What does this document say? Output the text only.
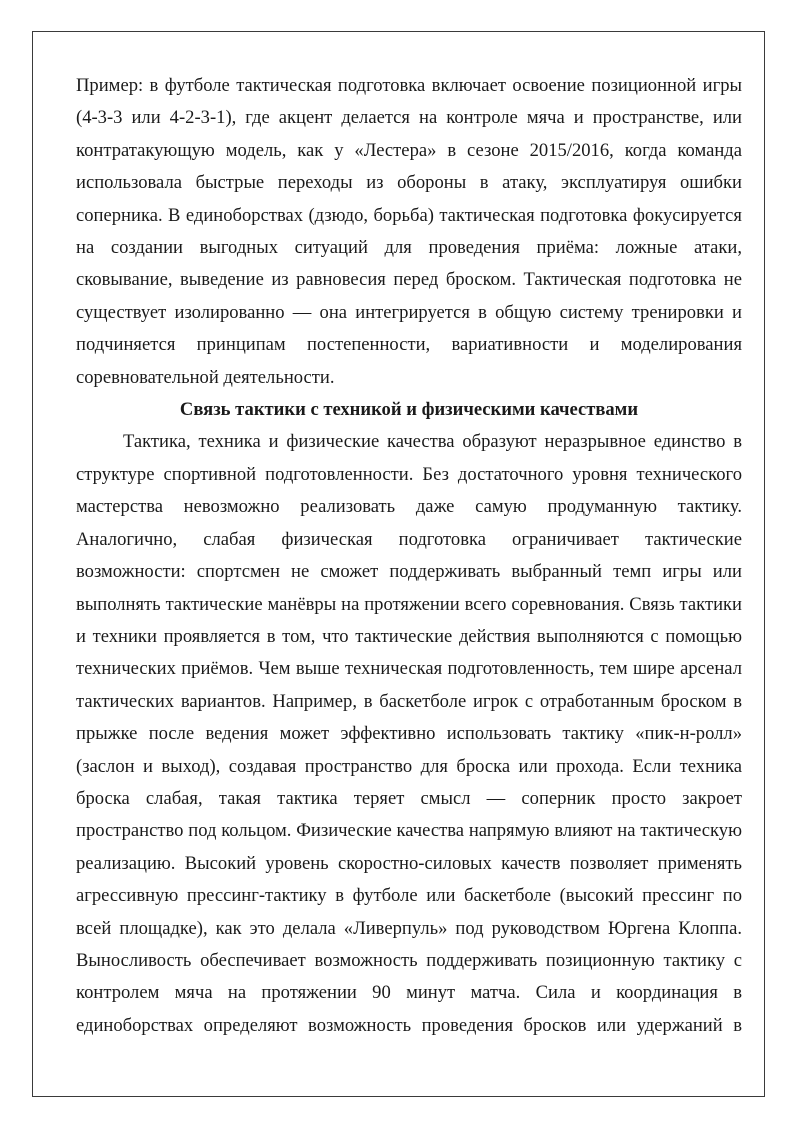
Пример: в футболе тактическая подготовка включает освоение позиционной игры (4-3-3 или 4-2-3-1), где акцент делается на контроле мяча и пространстве, или контратакующую модель, как у «Лестера» в сезоне 2015/2016, когда команда использовала быстрые переходы из обороны в атаку, эксплуатируя ошибки соперника. В единоборствах (дзюдо, борьба) тактическая подготовка фокусируется на создании выгодных ситуаций для проведения приёма: ложные атаки, сковывание, выведение из равновесия перед броском. Тактическая подготовка не существует изолированно — она интегрируется в общую систему тренировки и подчиняется принципам постепенности, вариативности и моделирования соревновательной деятельности.

Связь тактики с техникой и физическими качествами

Тактика, техника и физические качества образуют неразрывное единство в структуре спортивной подготовленности. Без достаточного уровня технического мастерства невозможно реализовать даже самую продуманную тактику. Аналогично, слабая физическая подготовка ограничивает тактические возможности: спортсмен не сможет поддерживать выбранный темп игры или выполнять тактические манёвры на протяжении всего соревнования. Связь тактики и техники проявляется в том, что тактические действия выполняются с помощью технических приёмов. Чем выше техническая подготовленность, тем шире арсенал тактических вариантов. Например, в баскетболе игрок с отработанным броском в прыжке после ведения может эффективно использовать тактику «пик-н-ролл» (заслон и выход), создавая пространство для броска или прохода. Если техника броска слабая, такая тактика теряет смысл — соперник просто закроет пространство под кольцом. Физические качества напрямую влияют на тактическую реализацию. Высокий уровень скоростно-силовых качеств позволяет применять агрессивную прессинг-тактику в футболе или баскетболе (высокий прессинг по всей площадке), как это делала «Ливерпуль» под руководством Юргена Клоппа. Выносливость обеспечивает возможность поддерживать позиционную тактику с контролем мяча на протяжении 90 минут матча. Сила и координация в единоборствах определяют возможность проведения бросков или удержаний в
